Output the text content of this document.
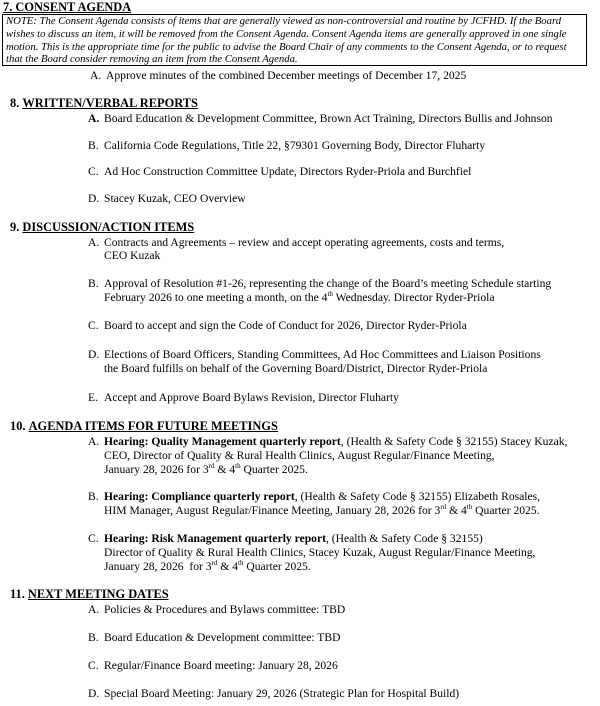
7. CONSENT AGENDA
NOTE: The Consent Agenda consists of items that are generally viewed as non-controversial and routine by JCFHD. If the Board wishes to discuss an item, it will be removed from the Consent Agenda. Consent Agenda items are generally approved in one single motion. This is the appropriate time for the public to advise the Board Chair of any comments to the Consent Agenda, or to request that the Board consider removing an item from the Consent Agenda.
A. Approve minutes of the combined December meetings of December 17, 2025
8. WRITTEN/VERBAL REPORTS
A. Board Education & Development Committee, Brown Act Training, Directors Bullis and Johnson
B. California Code Regulations, Title 22, §79301 Governing Body, Director Fluharty
C. Ad Hoc Construction Committee Update, Directors Ryder-Priola and Burchfiel
D. Stacey Kuzak, CEO Overview
9. DISCUSSION/ACTION ITEMS
A. Contracts and Agreements – review and accept operating agreements, costs and terms,
CEO Kuzak
B. Approval of Resolution #1-26, representing the change of the Board’s meeting Schedule starting
February 2026 to one meeting a month, on the 4th Wednesday. Director Ryder-Priola
C. Board to accept and sign the Code of Conduct for 2026, Director Ryder-Priola
D. Elections of Board Officers, Standing Committees, Ad Hoc Committees and Liaison Positions
the Board fulfills on behalf of the Governing Board/District, Director Ryder-Priola
E. Accept and Approve Board Bylaws Revision, Director Fluharty
10. AGENDA ITEMS FOR FUTURE MEETINGS
A. Hearing: Quality Management quarterly report, (Health & Safety Code § 32155) Stacey Kuzak,
CEO, Director of Quality & Rural Health Clinics, August Regular/Finance Meeting,
January 28, 2026 for 3rd & 4th Quarter 2025.
B. Hearing: Compliance quarterly report, (Health & Safety Code § 32155) Elizabeth Rosales,
HIM Manager, August Regular/Finance Meeting, January 28, 2026 for 3rd & 4th Quarter 2025.
C. Hearing: Risk Management quarterly report, (Health & Safety Code § 32155)
Director of Quality & Rural Health Clinics, Stacey Kuzak, August Regular/Finance Meeting,
January 28, 2026  for 3rd & 4th Quarter 2025.
11. NEXT MEETING DATES
A. Policies & Procedures and Bylaws committee: TBD
B. Board Education & Development committee: TBD
C. Regular/Finance Board meeting: January 28, 2026
D. Special Board Meeting: January 29, 2026 (Strategic Plan for Hospital Build)
